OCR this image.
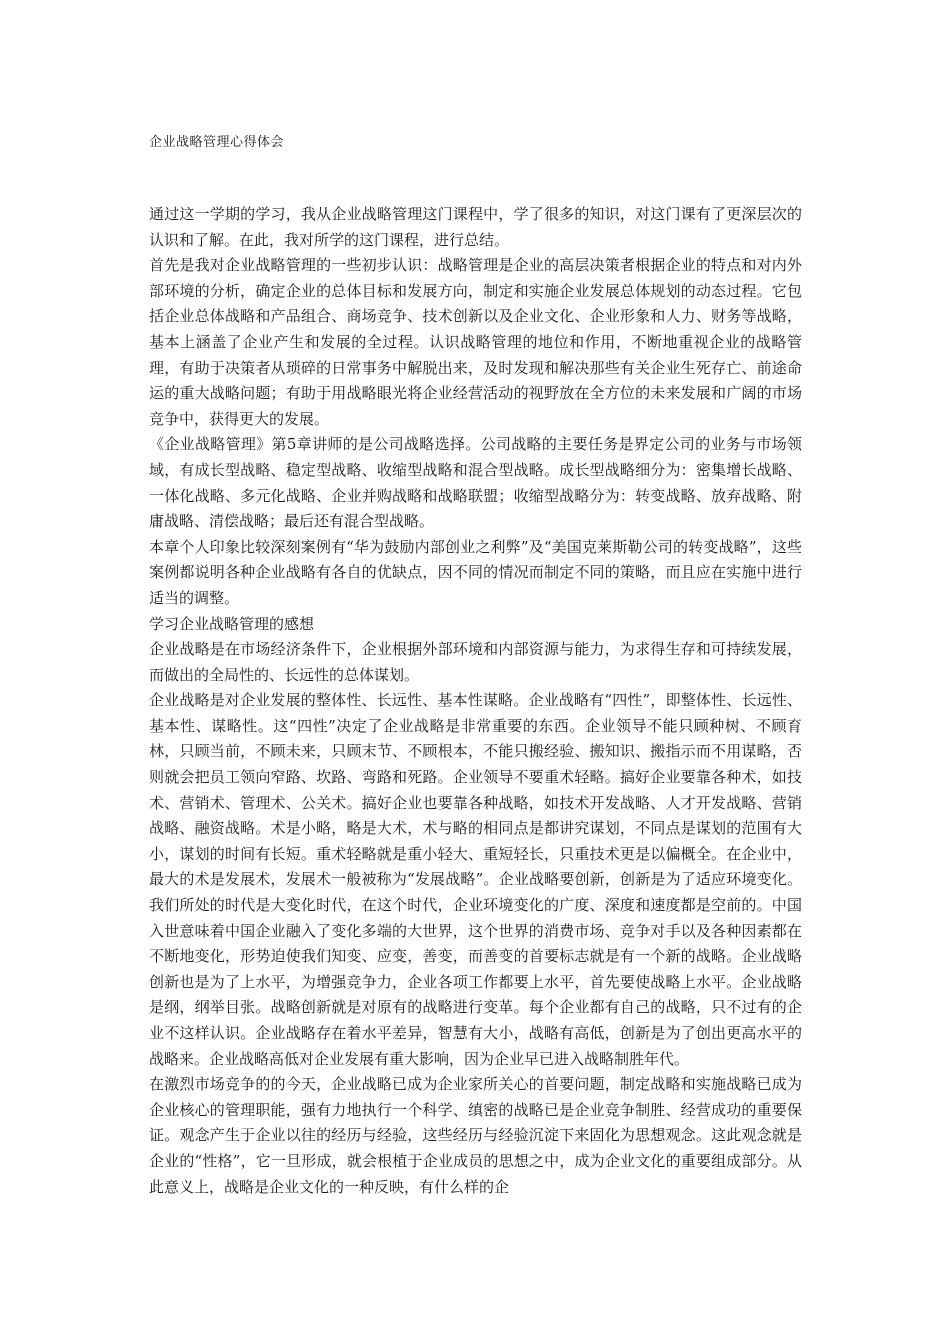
企业战略管理心得体会

通过这一学期的学习，我从企业战略管理这门课程中，学了很多的知识，对这门课有了更深层次的认识和了解。在此，我对所学的这门课程，进行总结。

首先是我对企业战略管理的一些初步认识：战略管理是企业的高层决策者根据企业的特点和对内外部环境的分析，确定企业的总体目标和发展方向，制定和实施企业发展总体规划的动态过程。它包括企业总体战略和产品组合、商场竞争、技术创新以及企业文化、企业形象和人力、财务等战略，基本上涵盖了企业产生和发展的全过程。认识战略管理的地位和作用，不断地重视企业的战略管理，有助于决策者从琐碎的日常事务中解脱出来，及时发现和解决那些有关企业生死存亡、前途命运的重大战略问题；有助于用战略眼光将企业经营活动的视野放在全方位的未来发展和广阔的市场竞争中，获得更大的发展。

《企业战略管理》第5章讲师的是公司战略选择。公司战略的主要任务是界定公司的业务与市场领域，有成长型战略、稳定型战略、收缩型战略和混合型战略。成长型战略细分为：密集增长战略、一体化战略、多元化战略、企业并购战略和战略联盟；收缩型战略分为：转变战略、放弃战略、附庸战略、清偿战略；最后还有混合型战略。

本章个人印象比较深刻案例有“华为鼓励内部创业之利弊”及“美国克莱斯勒公司的转变战略”，这些案例都说明各种企业战略有各自的优缺点，因不同的情况而制定不同的策略，而且应在实施中进行适当的调整。

学习企业战略管理的感想

企业战略是在市场经济条件下，企业根据外部环境和内部资源与能力，为求得生存和可持续发展，而做出的全局性的、长远性的总体谋划。

企业战略是对企业发展的整体性、长远性、基本性谋略。企业战略有“四性”，即整体性、长远性、基本性、谋略性。这“四性”决定了企业战略是非常重要的东西。企业领导不能只顾种树、不顾育林，只顾当前，不顾未来，只顾末节、不顾根本，不能只搬经验、搬知识、搬指示而不用谋略，否则就会把员工领向窄路、坎路、弯路和死路。企业领导不要重术轻略。搞好企业要靠各种术，如技术、营销术、管理术、公关术。搞好企业也要靠各种战略，如技术开发战略、人才开发战略、营销战略、融资战略。术是小略，略是大术，术与略的相同点是都讲究谋划，不同点是谋划的范围有大小，谋划的时间有长短。重术轻略就是重小轻大、重短轻长，只重技术更是以偏概全。在企业中，最大的术是发展术，发展术一般被称为“发展战略”。企业战略要创新，创新是为了适应环境变化。我们所处的时代是大变化时代，在这个时代，企业环境变化的广度、深度和速度都是空前的。中国入世意味着中国企业融入了变化多端的大世界，这个世界的消费市场、竞争对手以及各种因素都在不断地变化，形势迫使我们知变、应变，善变，而善变的首要标志就是有一个新的战略。企业战略创新也是为了上水平，为增强竞争力，企业各项工作都要上水平，首先要使战略上水平。企业战略是纲，纲举目张。战略创新就是对原有的战略进行变革。每个企业都有自己的战略，只不过有的企业不这样认识。企业战略存在着水平差异，智慧有大小，战略有高低，创新是为了创出更高水平的战略来。企业战略高低对企业发展有重大影响，因为企业早已进入战略制胜年代。

在激烈市场竞争的的今天，企业战略已成为企业家所关心的首要问题，制定战略和实施战略已成为企业核心的管理职能，强有力地执行一个科学、缜密的战略已是企业竞争制胜、经营成功的重要保证。观念产生于企业以往的经历与经验，这些经历与经验沉淀下来固化为思想观念。这此观念就是企业的“性格”，它一旦形成，就会根植于企业成员的思想之中，成为企业文化的重要组成部分。从此意义上，战略是企业文化的一种反映，有什么样的企
